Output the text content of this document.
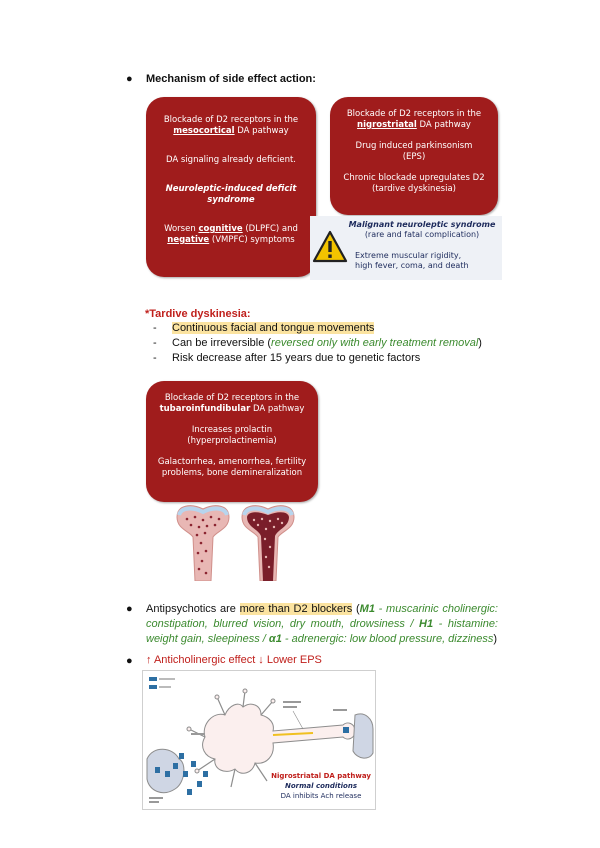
● Mechanism of side effect action:

Blockade of D2 receptors in the
mesocortical DA pathway

DA signaling already deficient.

Neuroleptic-induced deficit
syndrome

Worsen cognitive (DLPFC) and
negative (VMPFC) symptoms

Blockade of D2 receptors in the
nigrostriatal DA pathway

Drug induced parkinsonism
(EPS)

Chronic blockade upregulates D2
(tardive dyskinesia)

Malignant neuroleptic syndrome
(rare and fatal complication)
Extreme muscular rigidity,
high fever, coma, and death
*Tardive dyskinesia:
- Continuous facial and tongue movements
- Can be irreversible (reversed only with early treatment removal)
- Risk decrease after 15 years due to genetic factors

Blockade of D2 receptors in the
tubaroinfundibular DA pathway

Increases prolactin
(hyperprolactinemia)

Galactorrhea, amenorrhea, fertility
problems, bone demineralization

● Antipsychotics are more than D2 blockers (M1 - muscarinic cholinergic: constipation, blurred vision, dry mouth, drowsiness / H1 - histamine: weight gain, sleepiness / α1 - adrenergic: low blood pressure, dizziness)
● ↑ Anticholinergic effect ↓ Lower EPS
Nigrostriatal DA pathway
Normal conditions
DA inhibits Ach release
